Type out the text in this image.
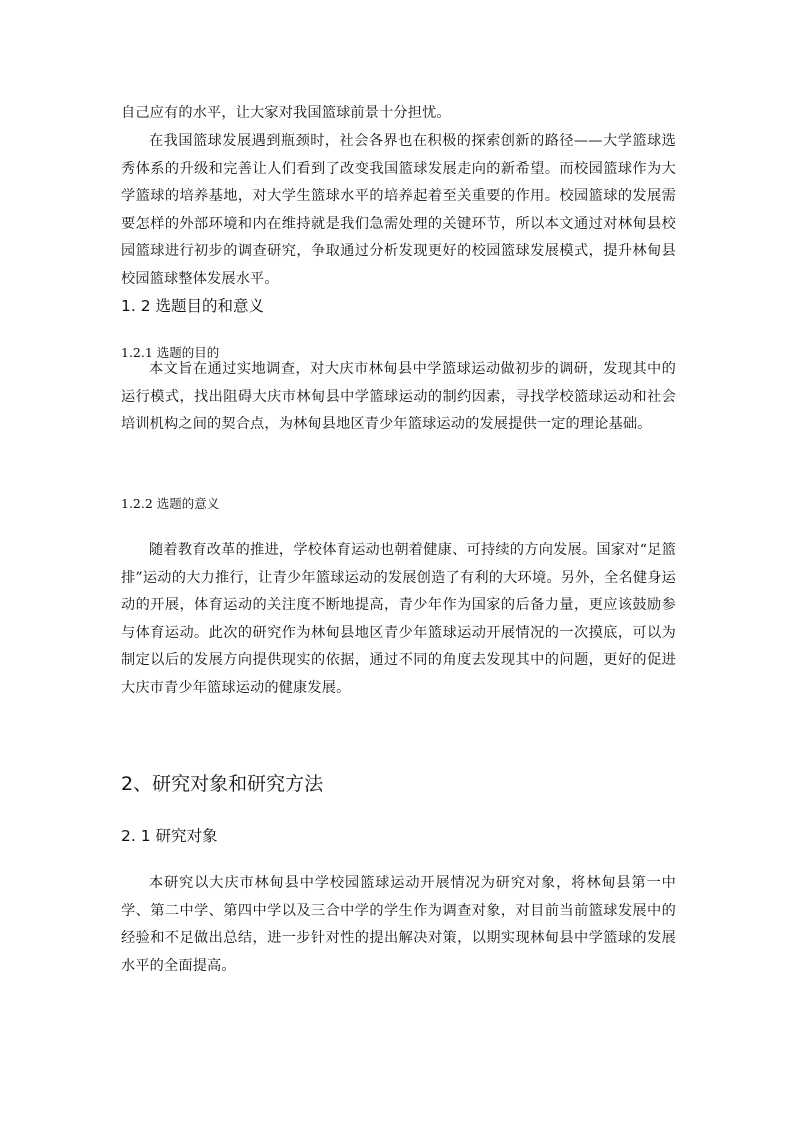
自己应有的水平，让大家对我国篮球前景十分担忧。
在我国篮球发展遇到瓶颈时，社会各界也在积极的探索创新的路径——大学篮球选秀体系的升级和完善让人们看到了改变我国篮球发展走向的新希望。而校园篮球作为大学篮球的培养基地，对大学生篮球水平的培养起着至关重要的作用。校园篮球的发展需要怎样的外部环境和内在维持就是我们急需处理的关键环节，所以本文通过对林甸县校园篮球进行初步的调查研究，争取通过分析发现更好的校园篮球发展模式，提升林甸县校园篮球整体发展水平。
1. 2 选题目的和意义
1.2.1 选题的目的
本文旨在通过实地调查，对大庆市林甸县中学篮球运动做初步的调研，发现其中的运行模式，找出阻碍大庆市林甸县中学篮球运动的制约因素，寻找学校篮球运动和社会培训机构之间的契合点，为林甸县地区青少年篮球运动的发展提供一定的理论基础。
1.2.2 选题的意义
随着教育改革的推进，学校体育运动也朝着健康、可持续的方向发展。国家对“足篮排”运动的大力推行，让青少年篮球运动的发展创造了有利的大环境。另外，全名健身运动的开展，体育运动的关注度不断地提高，青少年作为国家的后备力量，更应该鼓励参与体育运动。此次的研究作为林甸县地区青少年篮球运动开展情况的一次摸底，可以为制定以后的发展方向提供现实的依据，通过不同的角度去发现其中的问题，更好的促进大庆市青少年篮球运动的健康发展。
2、研究对象和研究方法
2. 1 研究对象
本研究以大庆市林甸县中学校园篮球运动开展情况为研究对象，将林甸县第一中学、第二中学、第四中学以及三合中学的学生作为调查对象，对目前当前篮球发展中的经验和不足做出总结，进一步针对性的提出解决对策，以期实现林甸县中学篮球的发展水平的全面提高。
